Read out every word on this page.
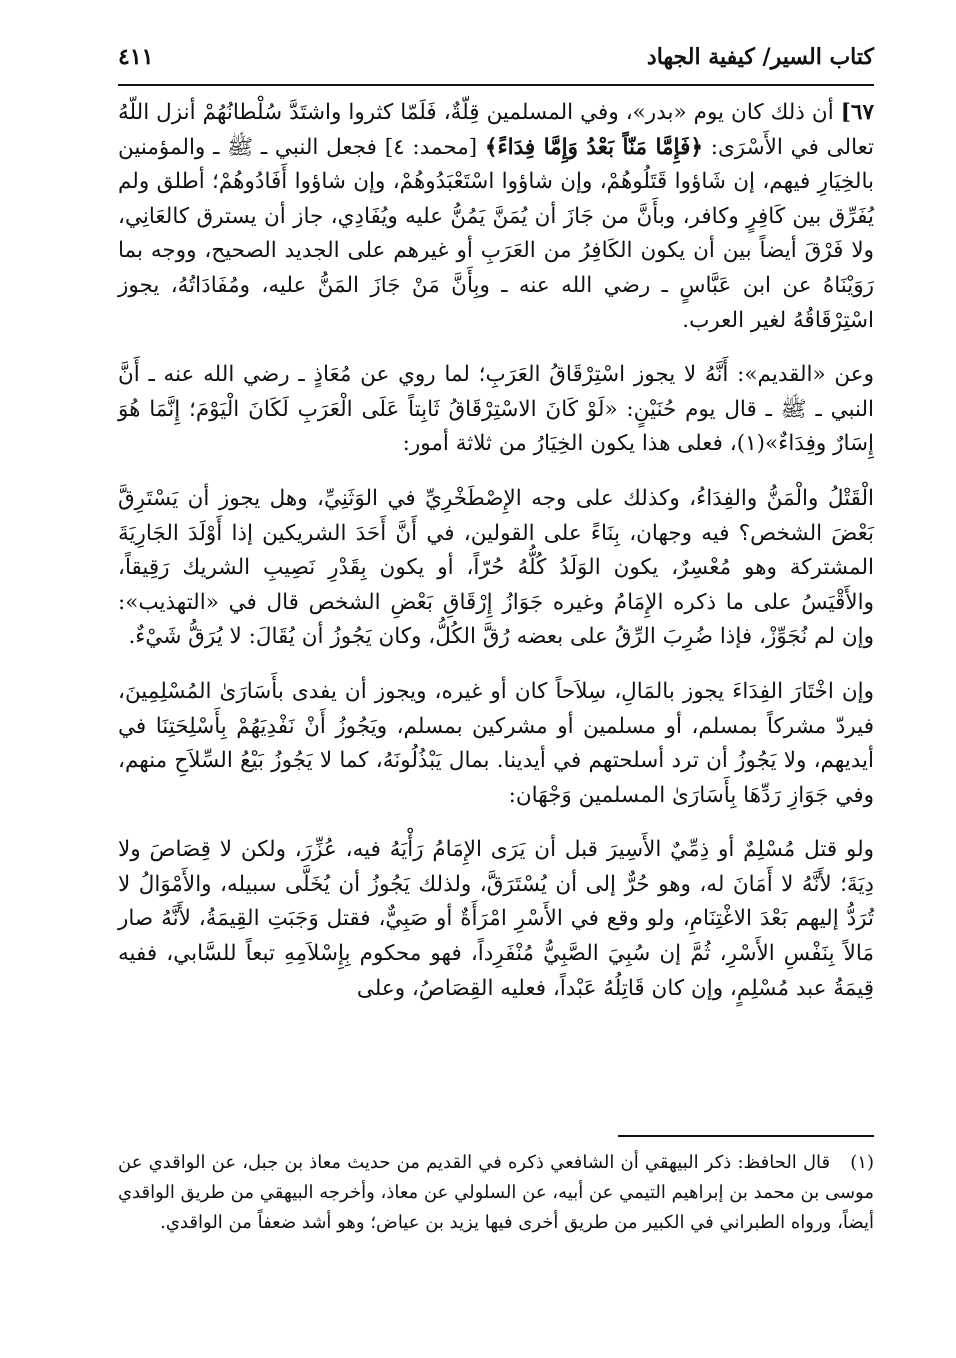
كتاب السير/ كيفية الجهاد
٤١١

٦٧] أن ذلك كان يوم «بدر»، وفي المسلمين قِلّةٌ، فَلَمّا كثروا واشتَدَّ سُلْطانُهُمْ أنزل اللّهُ تعالى في الأَسْرَى: ﴿فَإِمَّا مَنّاً بَعْدُ وَإِمَّا فِدَاءً﴾ [محمد: ٤] فجعل النبي ـ ﷺ ـ والمؤمنين بالخِيَارِ فيهم، إن شَاؤوا قَتَلُوهُمْ، وإن شاؤوا اسْتَعْبَدُوهُمْ، وإن شاؤوا أَفَادُوهُمْ؛ أطلق ولم يُفَرِّق بين كَافِرٍ وكافر، وبأَنَّ من جَازَ أن يُمَنَّ يَمُنُّ عليه ويُفَادِي، جاز أن يسترق كالعَانِي، ولا فَرْقَ أيضاً بين أن يكون الكَافِرُ من العَرَبِ أو غيرهم على الجديد الصحيح، ووجه بما رَوَيْنَاهُ عن ابن عَبَّاسٍ ـ رضي الله عنه ـ وبِأَنَّ مَنْ جَازَ المَنُّ عليه، ومُفَادَاتُهُ، يجوز اسْتِرْقَاقُهُ لغير العرب.

وعن «القديم»: أَنَّهُ لا يجوز اسْتِرْقَاقُ العَرَبِ؛ لما روي عن مُعَاذٍ ـ رضي الله عنه ـ أَنَّ النبي ـ ﷺ ـ قال يوم حُنَيْنٍ: «لَوْ كَانَ الاسْتِرْقَاقُ ثَابِتاً عَلَى الْعَرَبِ لَكَانَ الْيَوْمَ؛ إِنَّمَا هُوَ إِسَارٌ وفِدَاءٌ»(١)، فعلى هذا يكون الخِيَارُ من ثلاثة أمور:

الْقَتْلُ والْمَنُّ والفِدَاءُ، وكذلك على وجه الإِصْطَخْرِيِّ في الوَثَنِيِّ، وهل يجوز أن يَسْتَرِقَّ بَعْضَ الشخص؟ فيه وجهان، بِنَاءً على القولين، في أَنَّ أَحَدَ الشريكين إذا أَوْلَدَ الجَارِيَةَ المشتركة وهو مُعْسِرٌ، يكون الوَلَدُ كُلُّهُ حُرّاً، أو يكون بِقَدْرِ نَصِيبِ الشريك رَقِيقاً، والأَقْيَسُ على ما ذكره الإِمَامُ وغيره جَوَازُ إِرْقَاقِ بَعْضِ الشخص قال في «التهذيب»: وإن لم نُجَوِّزْ، فإذا ضُرِبَ الرِّقُ على بعضه رُقَّ الكُلُّ، وكان يَجُوزُ أن يُقَالَ: لا يُرَقُّ شَيْءٌ.

وإن اخْتَارَ الفِدَاءَ يجوز بالمَالِ، سِلاَحاً كان أو غيره، ويجوز أن يفدى بأَسَارَىٰ المُسْلِمِينَ، فيردّ مشركاً بمسلم، أو مسلمين أو مشركين بمسلم، ويَجُوزُ أَنْ نَفْدِيَهُمْ بِأَسْلِحَتِنَا في أيديهم، ولا يَجُوزُ أن ترد أسلحتهم في أيدينا. بمال يَبْذُلُونَهُ، كما لا يَجُوزُ بَيْعُ السِّلاَحِ منهم، وفي جَوَازِ رَدِّهَا بِأَسَارَىٰ المسلمين وَجْهَان:

ولو قتل مُسْلِمٌ أو ذِمِّيٌ الأَسِيرَ قبل أن يَرَى الإِمَامُ رَأْيَهُ فيه، عُزِّرَ، ولكن لا قِصَاصَ ولا دِيَةَ؛ لأَنَّهُ لا أَمَانَ له، وهو حُرٌّ إلى أن يُسْتَرَقَّ، ولذلك يَجُوزُ أن يُخَلَّى سبيله، والأَمْوَالُ لا تُرَدُّ إليهم بَعْدَ الاغْتِنَامِ، ولو وقع في الأَسْرِ امْرَأَةٌ أو صَبِيٌّ، فقتل وَجَبَتِ القِيمَةُ، لأَنَّهُ صار مَالاً بِنَفْسِ الأَسْرِ، ثُمَّ إن سُبِيَ الصَّبِيُّ مُنْفَرِداً، فهو محكوم بِإِسْلاَمِهِ تبعاً للسَّابي، ففيه قِيمَةُ عبد مُسْلِمٍ، وإن كان قَاتِلُهُ عَبْداً، فعليه القِصَاصُ، وعلى

(١) قال الحافظ: ذكر البيهقي أن الشافعي ذكره في القديم من حديث معاذ بن جبل، عن الواقدي عن موسى بن محمد بن إبراهيم التيمي عن أبيه، عن السلولي عن معاذ، وأخرجه البيهقي من طريق الواقدي أيضاً، ورواه الطبراني في الكبير من طريق أخرى فيها يزيد بن عياض؛ وهو أشد ضعفاً من الواقدي.
